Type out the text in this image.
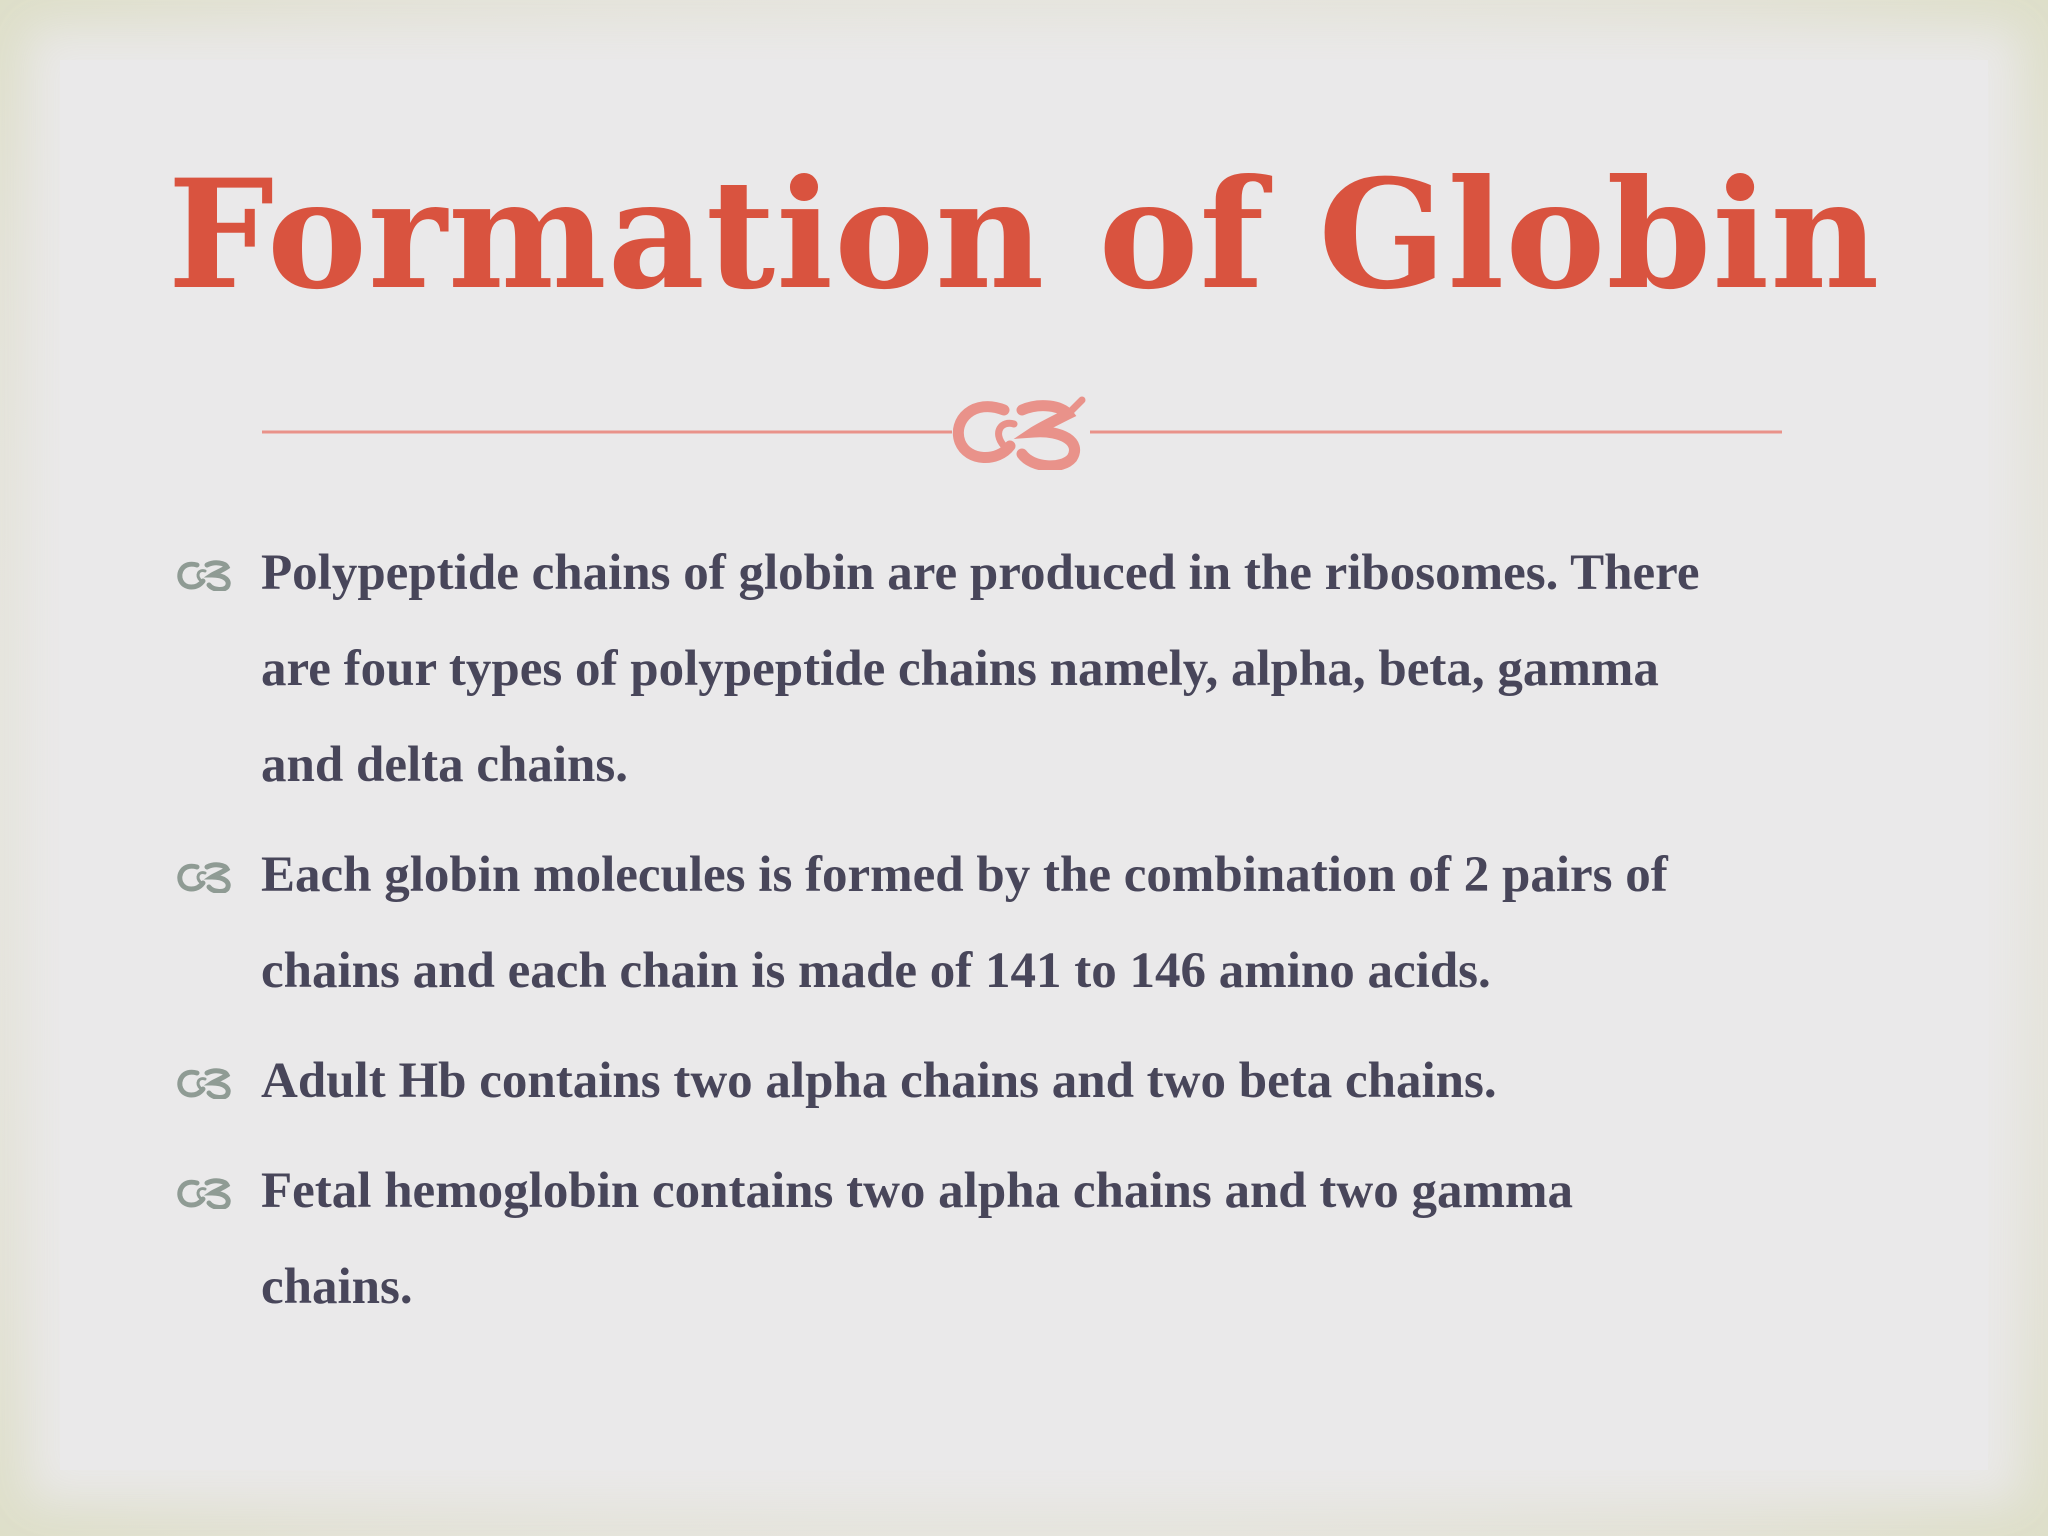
Formation of Globin
Polypeptide chains of globin are produced in the ribosomes. There
are four types of polypeptide chains namely, alpha, beta, gamma
and delta chains.
Each globin molecules is formed by the combination of 2 pairs of
chains and each chain is made of 141 to 146 amino acids.
Adult Hb contains two alpha chains and two beta chains.
Fetal hemoglobin contains two alpha chains and two gamma
chains.
